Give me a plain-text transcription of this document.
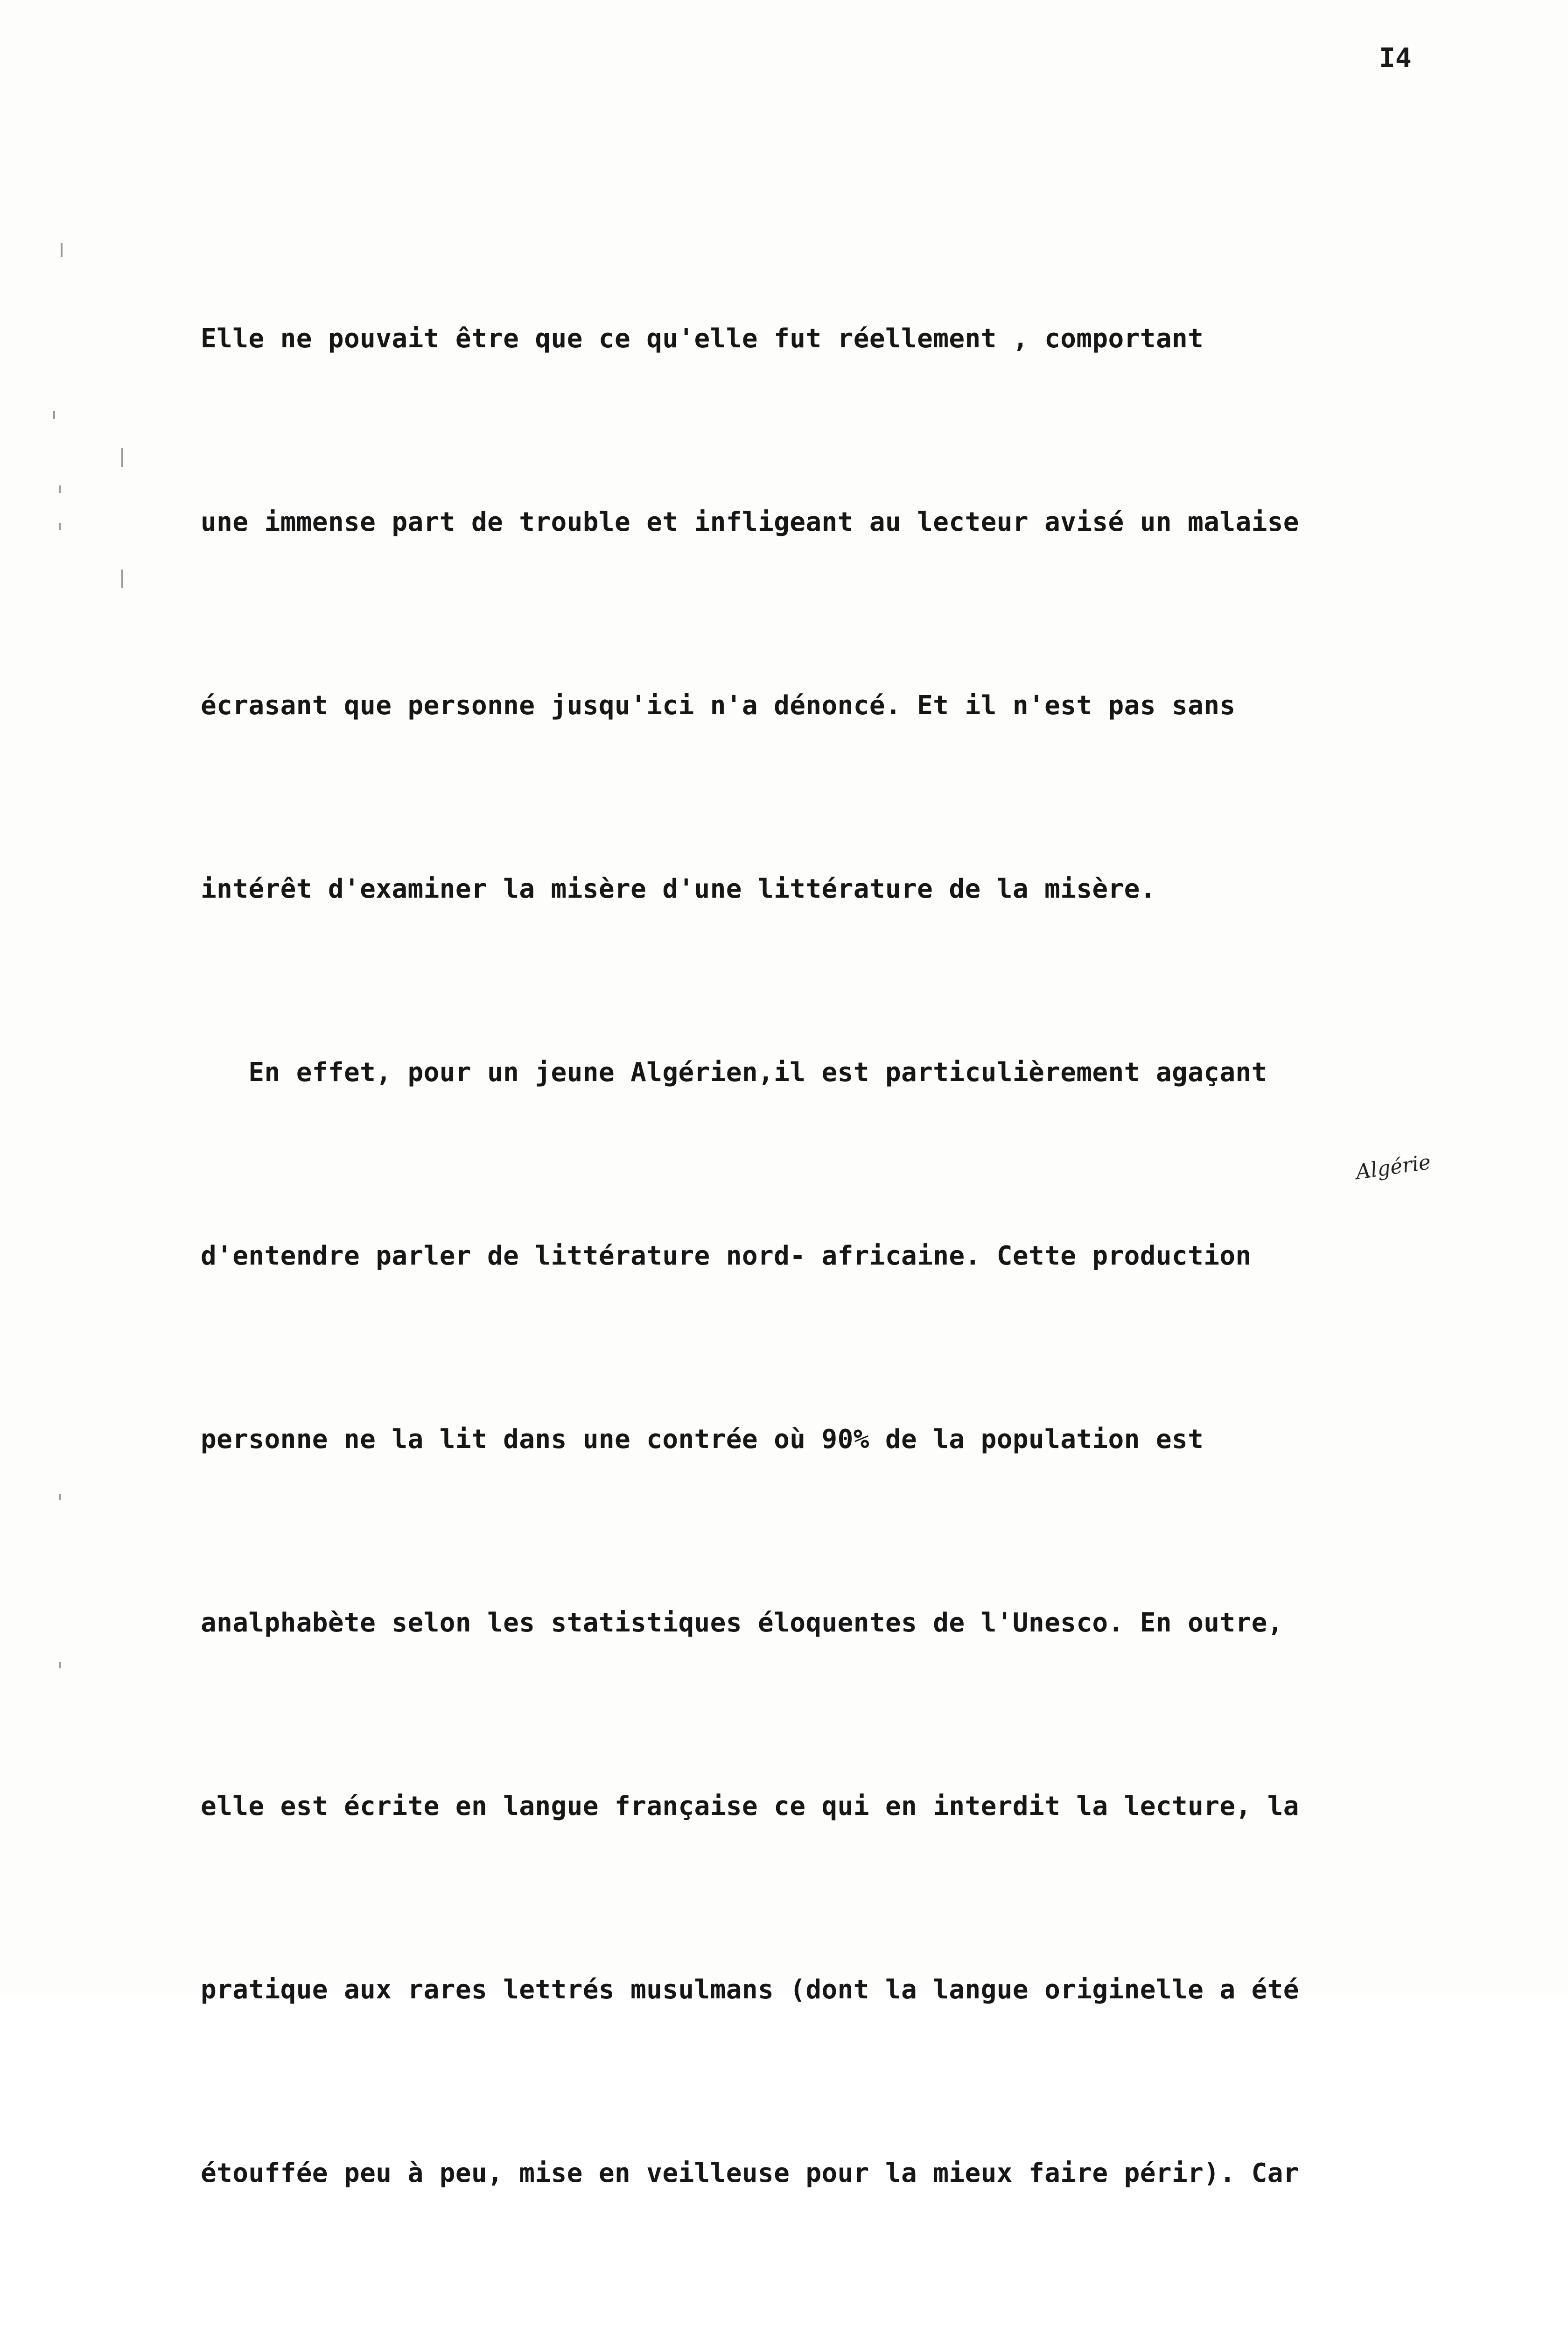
I4
Algérie

Elle ne pouvait être que ce qu'elle fut réellement , comportant

une immense part de trouble et infligeant au lecteur avisé un malaise

écrasant que personne jusqu'ici n'a dénoncé. Et il n'est pas sans

intérêt d'examiner la misère d'une littérature de la misère.

En effet, pour un jeune Algérien,il est particulièrement agaçant

d'entendre parler de littérature nord- africaine. Cette production

personne ne la lit dans une contrée où 90% de la population est

analphabète selon les statistiques éloquentes de l'Unesco. En outre,

elle est écrite en langue française ce qui en interdit la lecture, la

pratique aux rares lettrés musulmans (dont la langue originelle a été

étouffée peu à peu, mise en veilleuse pour la mieux faire périr). Car
